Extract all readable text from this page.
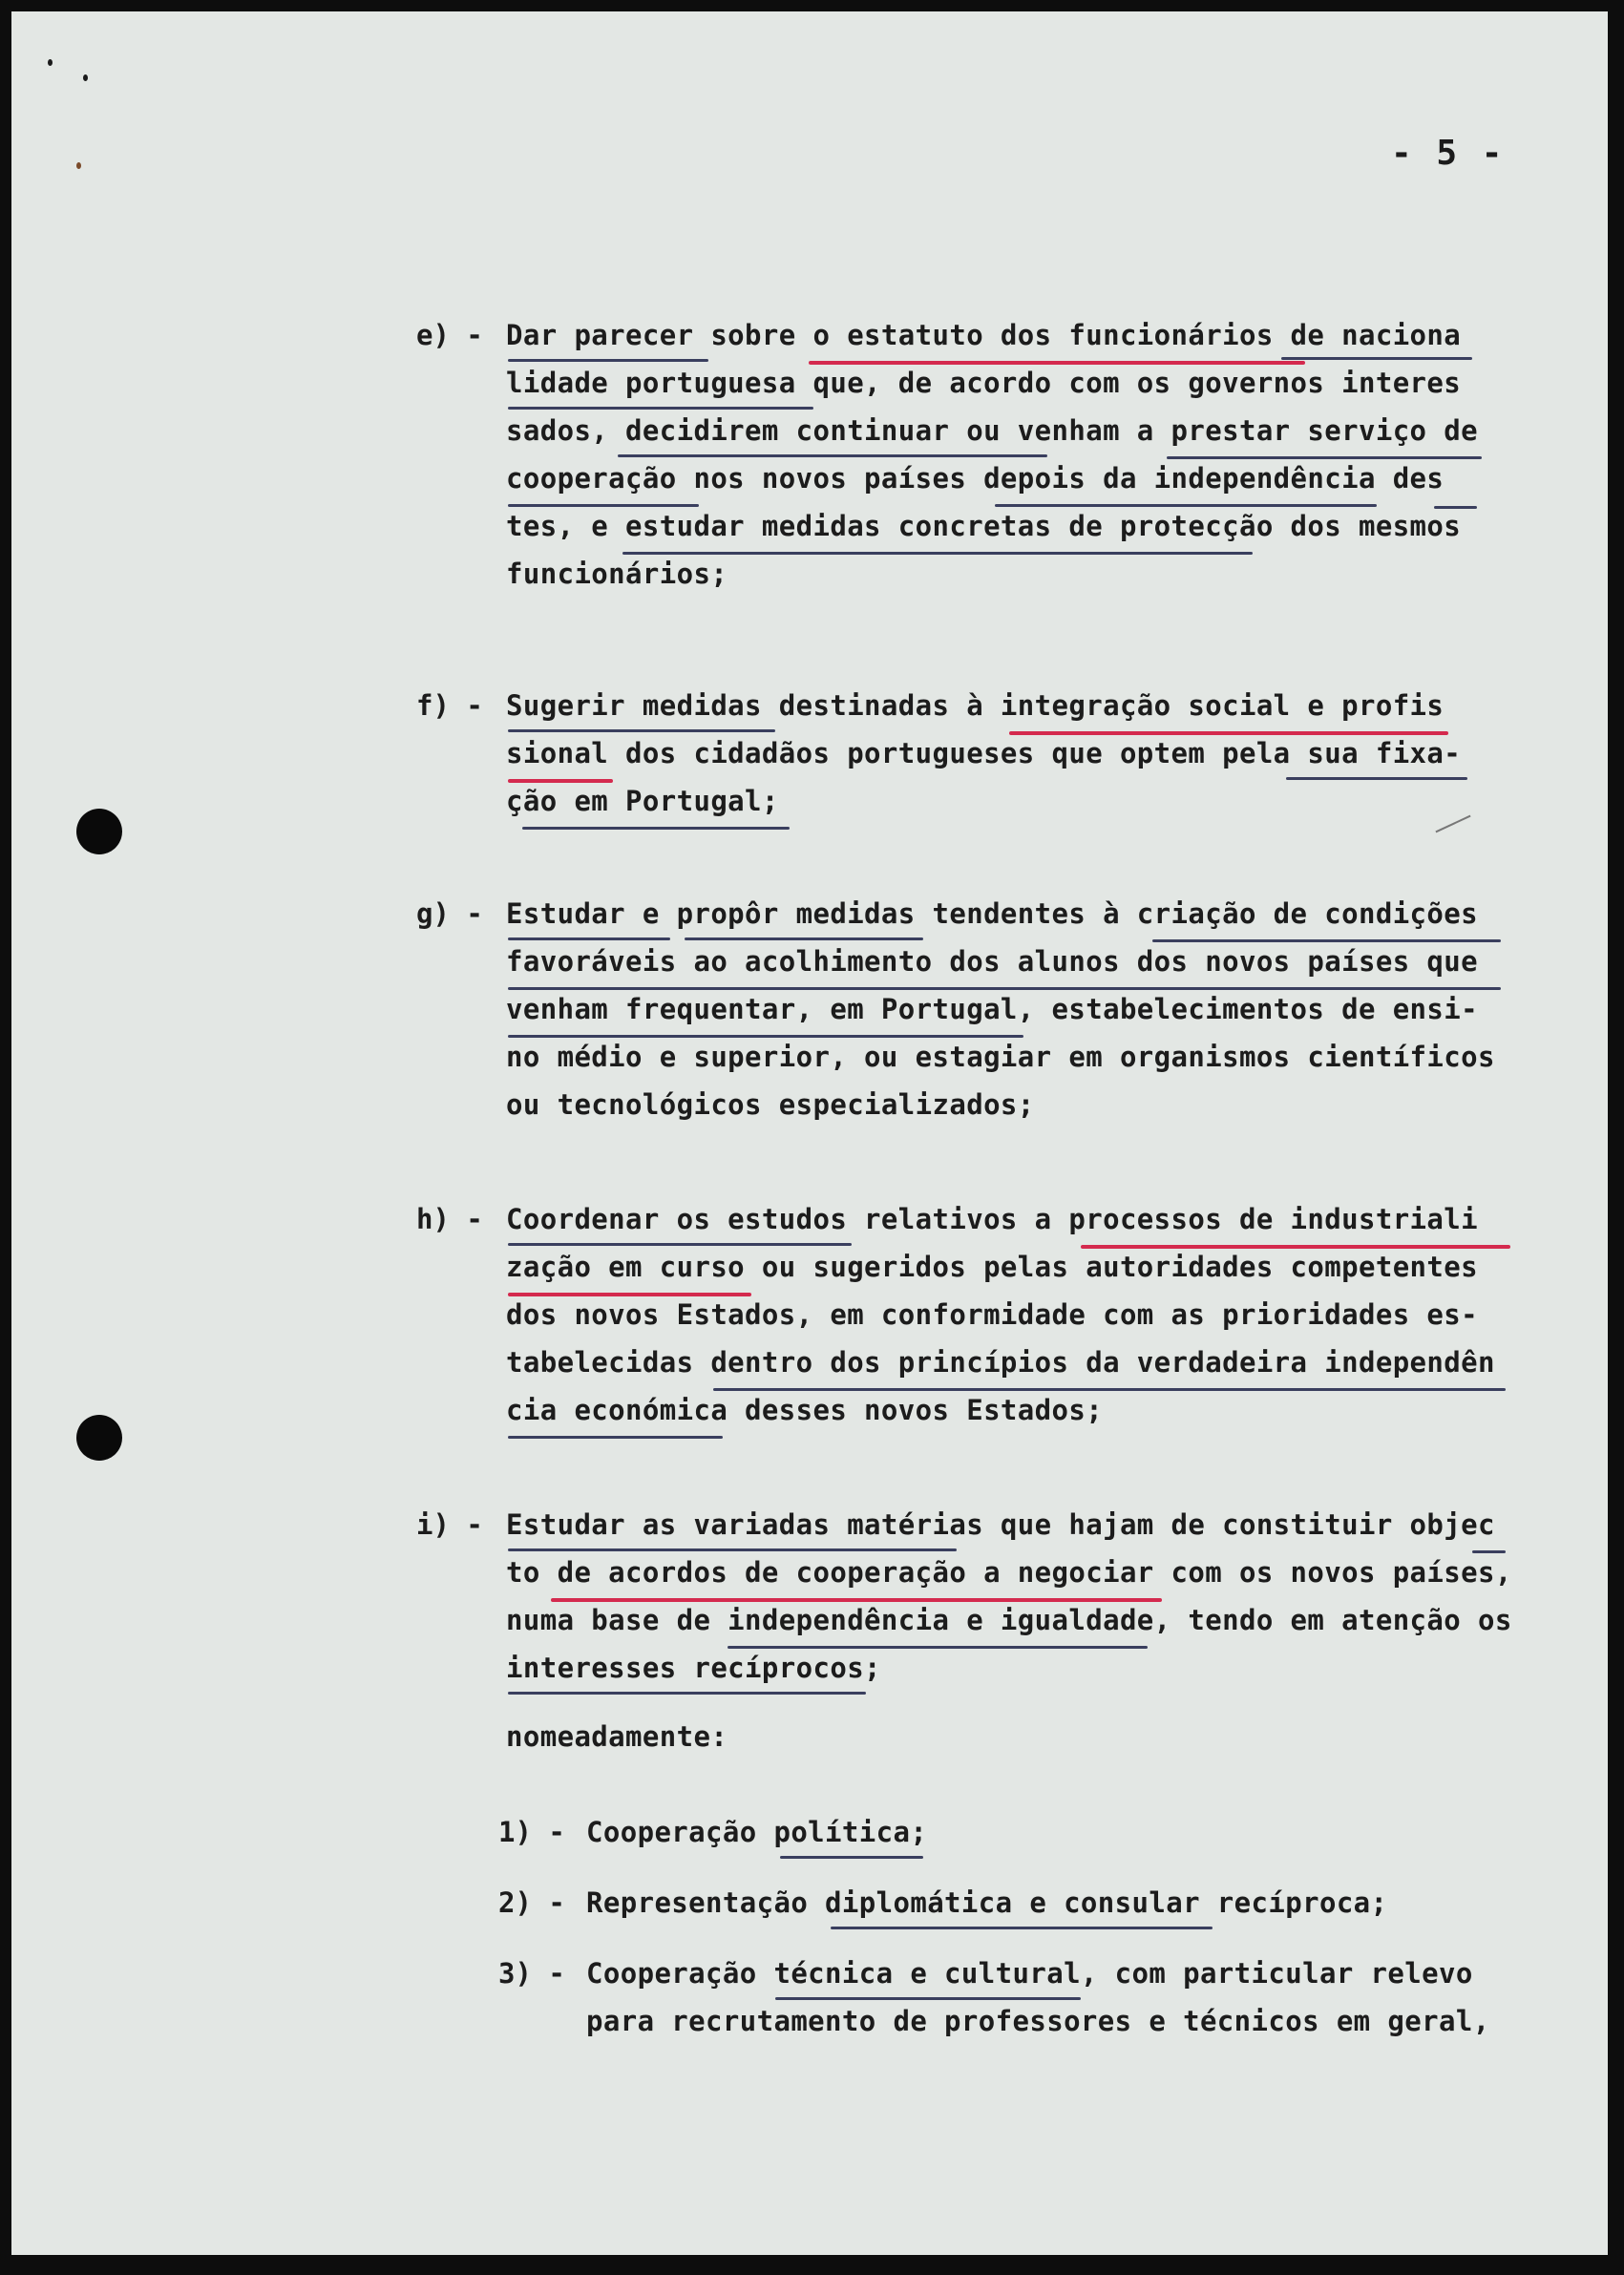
- 5 -
e) - Dar parecer sobre o estatuto dos funcionários de naciona
lidade portuguesa que, de acordo com os governos interes
sados, decidirem continuar ou venham a prestar serviço de
cooperação nos novos países depois da independência des
tes, e estudar medidas concretas de protecção dos mesmos
funcionários;
f) - Sugerir medidas destinadas à integração social e profis
sional dos cidadãos portugueses que optem pela sua fixa-
ção em Portugal;
g) - Estudar e propôr medidas tendentes à criação de condições
favoráveis ao acolhimento dos alunos dos novos países que
venham frequentar, em Portugal, estabelecimentos de ensi-
no médio e superior, ou estagiar em organismos científicos
ou tecnológicos especializados;
h) - Coordenar os estudos relativos a processos de industriali
zação em curso ou sugeridos pelas autoridades competentes
dos novos Estados, em conformidade com as prioridades es-
tabelecidas dentro dos princípios da verdadeira independên
cia económica desses novos Estados;
i) - Estudar as variadas matérias que hajam de constituir objec
to de acordos de cooperação a negociar com os novos países,
numa base de independência e igualdade, tendo em atenção os
interesses recíprocos;
nomeadamente:
1) - Cooperação política;
2) - Representação diplomática e consular recíproca;
3) - Cooperação técnica e cultural, com particular relevo
para recrutamento de professores e técnicos em geral,
